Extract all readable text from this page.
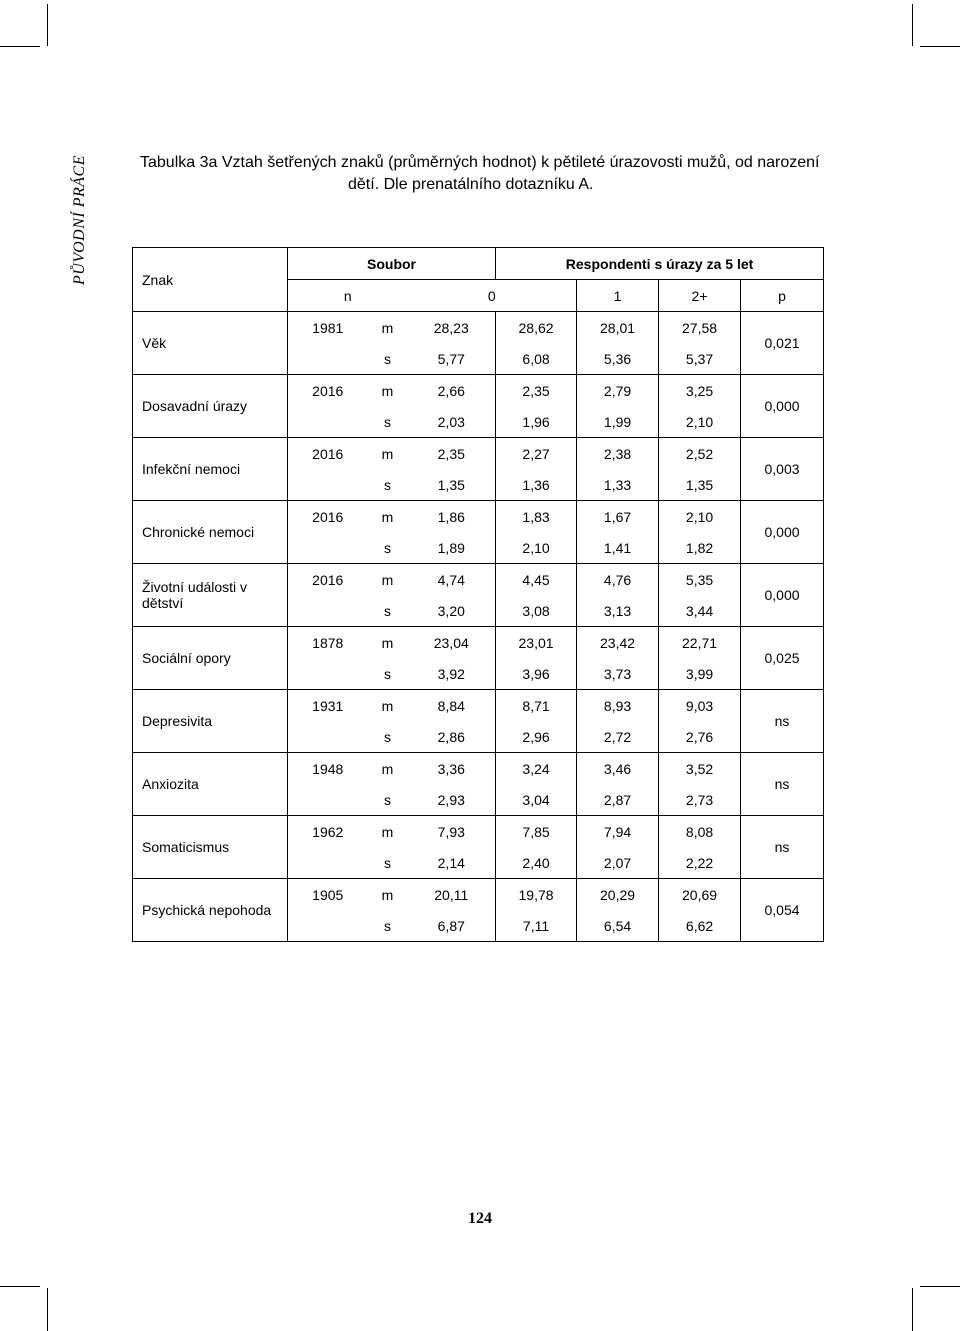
PŮVODNÍ PRÁCE	Tabulka 3a Vztah šetřených znaků (průměrných hodnot) k pětileté úrazovosti mužů, od narození
dětí. Dle prenatálního dotazníku A.
Znak	Soubor			Respondenti s úrazy za 5 let			
	n		0		1	2+	p
Věk	1981	m	28,23	28,62	28,01	27,58	0,021
		s	5,77	6,08	5,36	5,37	
Dosavadní úrazy	2016	m	2,66	2,35	2,79	3,25	0,000
		s	2,03	1,96	1,99	2,10	
Infekční nemoci	2016	m	2,35	2,27	2,38	2,52	0,003
		s	1,35	1,36	1,33	1,35	
Chronické nemoci	2016	m	1,86	1,83	1,67	2,10	0,000
		s	1,89	2,10	1,41	1,82	
Životní události v dětství	2016	m	4,74	4,45	4,76	5,35	0,000
		s	3,20	3,08	3,13	3,44	
Sociální opory	1878	m	23,04	23,01	23,42	22,71	0,025
		s	3,92	3,96	3,73	3,99	
Depresivita	1931	m	8,84	8,71	8,93	9,03	ns
		s	2,86	2,96	2,72	2,76	
Anxiozita	1948	m	3,36	3,24	3,46	3,52	ns
		s	2,93	3,04	2,87	2,73	
Somaticismus	1962	m	7,93	7,85	7,94	8,08	ns
		s	2,14	2,40	2,07	2,22	
Psychická nepohoda	1905	m	20,11	19,78	20,29	20,69	0,054
		s	6,87	7,11	6,54	6,62	
124
